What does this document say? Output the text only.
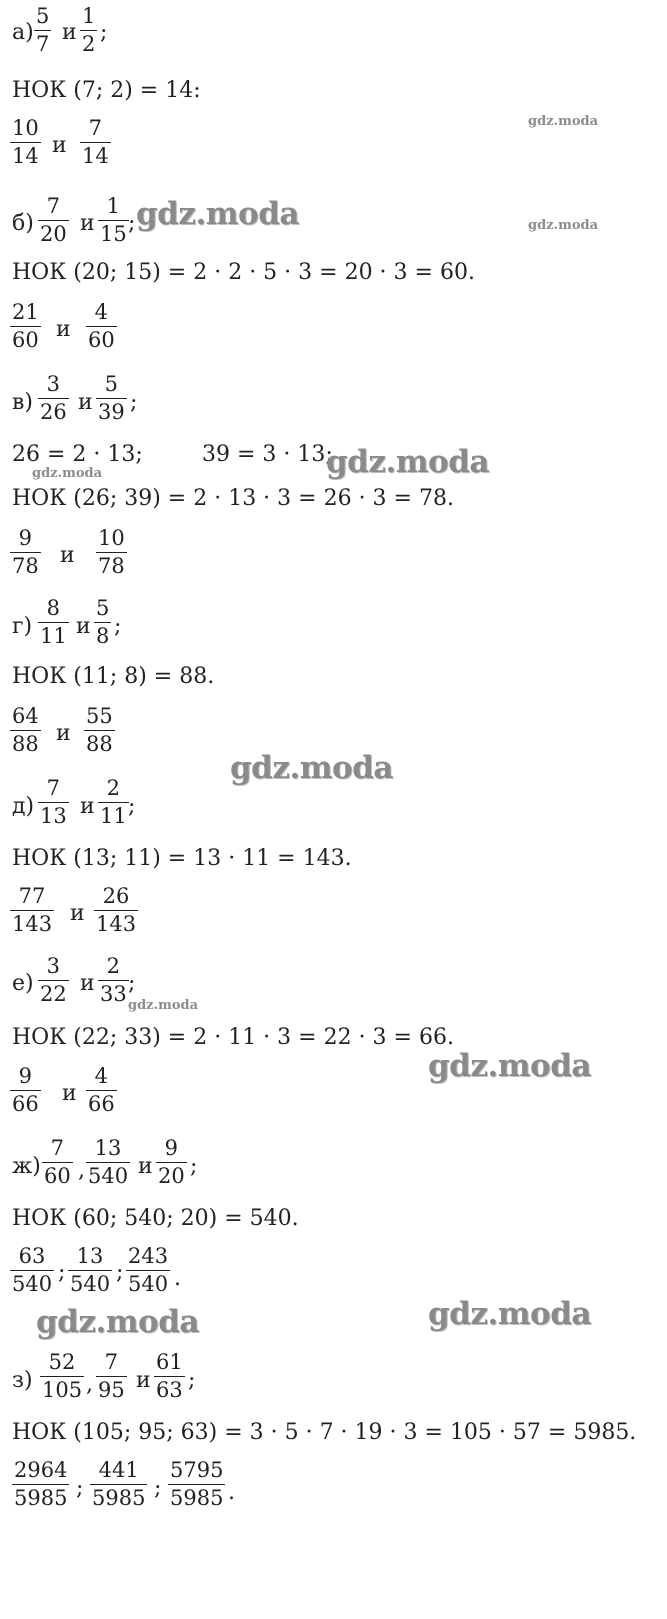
а)
5
7 и
1
2 ;
НОК (7; 2) = 14:
10
14 и
7
14
б)
7
20 и
1
15 ;
НОК (20; 15) = 2 · 2 · 5 · 3 = 20 · 3 = 60.
21
60 и
4
60
в)
3
26 и
5
39 ;
26 = 2 · 13;	39 = 3 · 13;
НОК (26; 39) = 2 · 13 · 3 = 26 · 3 = 78.
9
78 и
10
78
г)
8
11 и
5
8 ;
НОК (11; 8) = 88.
64
88 и
55
88
д)
7
13 и
2
11 ;
НОК (13; 11) = 13 · 11 = 143.
77
143 и
26
143
е)
3
22 и
2
33 ;
НОК (22; 33) = 2 · 11 · 3 = 22 · 3 = 66.
9
66 и
4
66
ж)
7
60 ,
13
540 и
9
20 ;
НОК (60; 540; 20) = 540.
63
540 ;
13
540 ;
243
540 .
з)
52
105 ,
7
95 и
61
63 ;
НОК (105; 95; 63) = 3 · 5 · 7 · 19 · 3 = 105 · 57 = 5985.
2964
5985 ;
441
5985 ;
5795
5985 .
gdz.moda
gdz.moda	gdz.moda
gdz.moda
gdz.moda
gdz.moda
gdz.moda
gdz.moda
gdz.moda
gdz.moda
